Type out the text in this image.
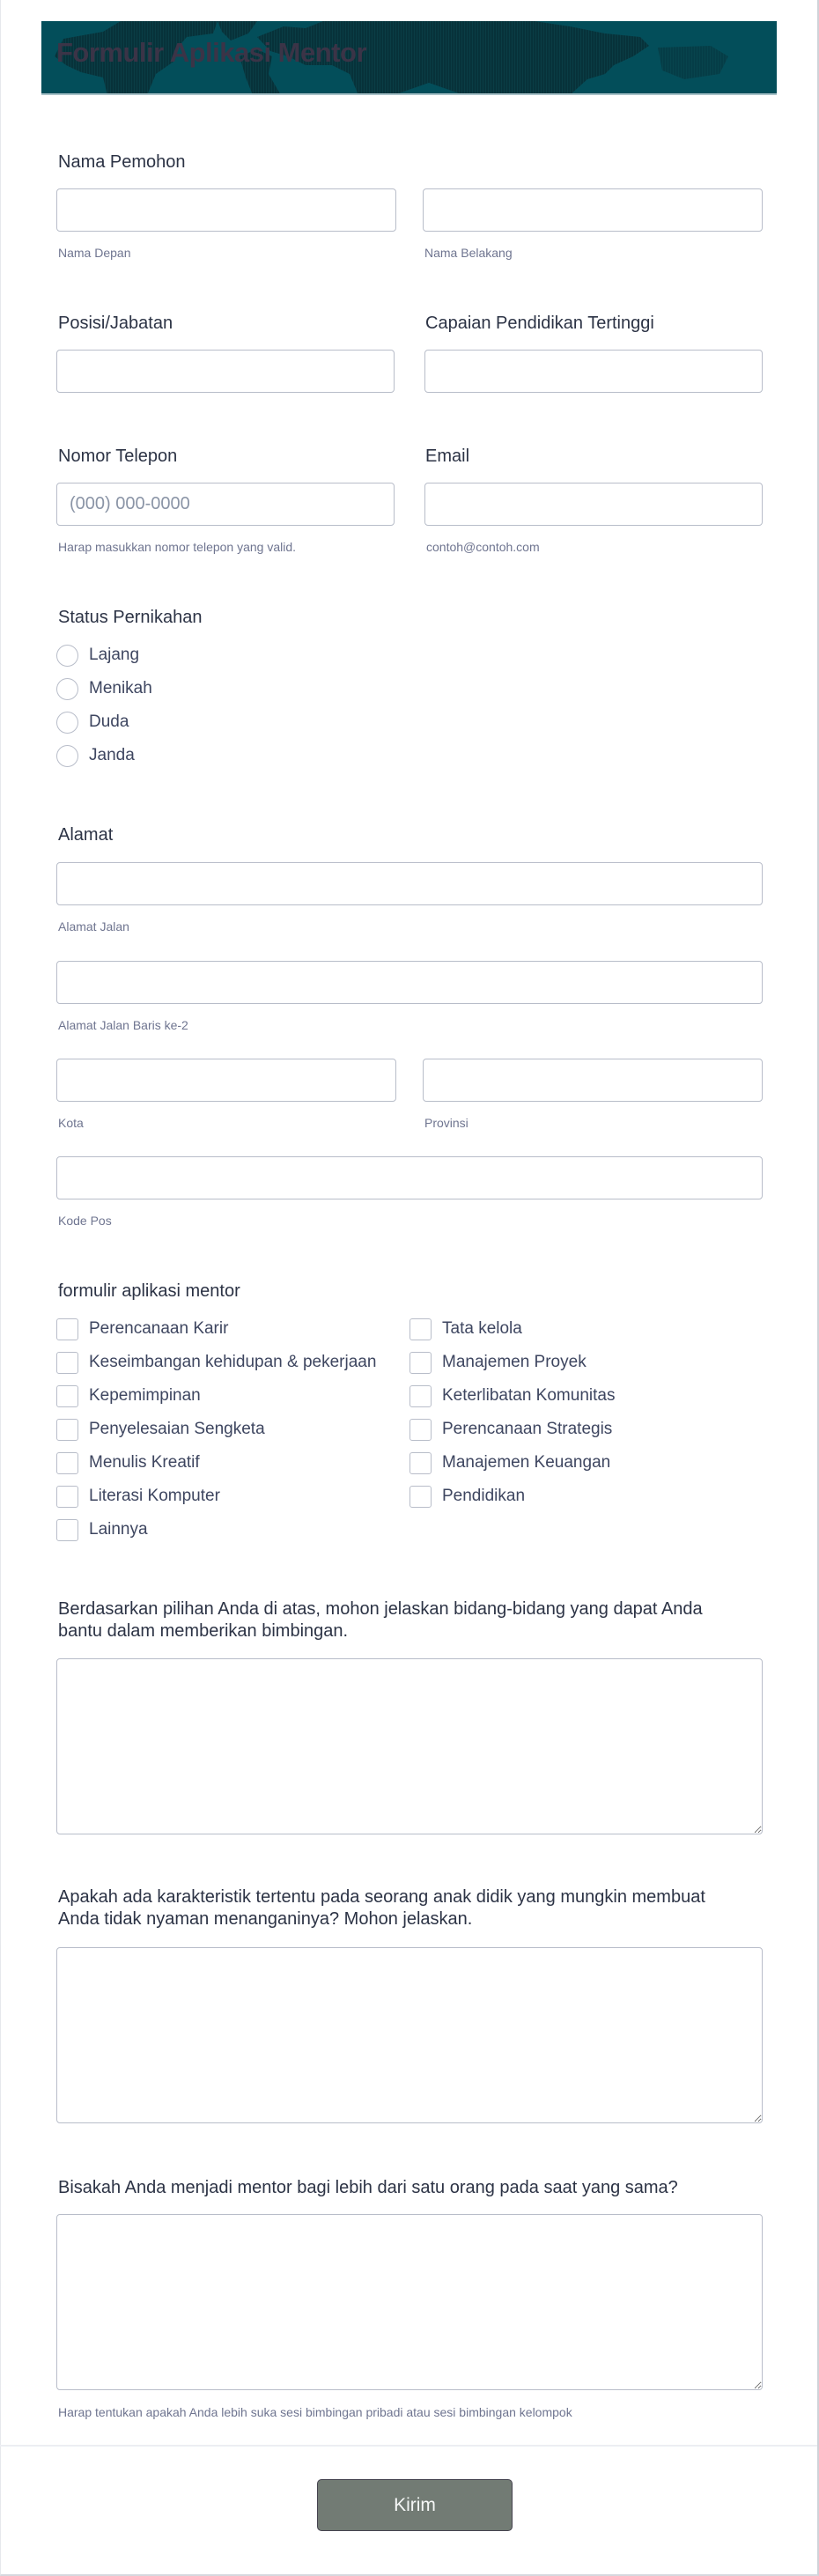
Formulir Aplikasi Mentor
Nama Pemohon
Nama Depan	Nama Belakang
Posisi/Jabatan	Capaian Pendidikan Tertinggi
Nomor Telepon
(000) 000-0000
Harap masukkan nomor telepon yang valid.
Email
contoh@contoh.com
Status Pernikahan
Lajang
Menikah
Duda
Janda
Alamat
Alamat Jalan
Alamat Jalan Baris ke-2
Kota	Provinsi
Kode Pos
formulir aplikasi mentor
Perencanaan Karir
Keseimbangan kehidupan & pekerjaan
Kepemimpinan
Penyelesaian Sengketa
Menulis Kreatif
Literasi Komputer
Lainnya
Tata kelola
Manajemen Proyek
Keterlibatan Komunitas
Perencanaan Strategis
Manajemen Keuangan
Pendidikan
Berdasarkan pilihan Anda di atas, mohon jelaskan bidang-bidang yang dapat Anda
bantu dalam memberikan bimbingan.
Apakah ada karakteristik tertentu pada seorang anak didik yang mungkin membuat
Anda tidak nyaman menanganinya? Mohon jelaskan.
Bisakah Anda menjadi mentor bagi lebih dari satu orang pada saat yang sama?
Harap tentukan apakah Anda lebih suka sesi bimbingan pribadi atau sesi bimbingan kelompok
Kirim
